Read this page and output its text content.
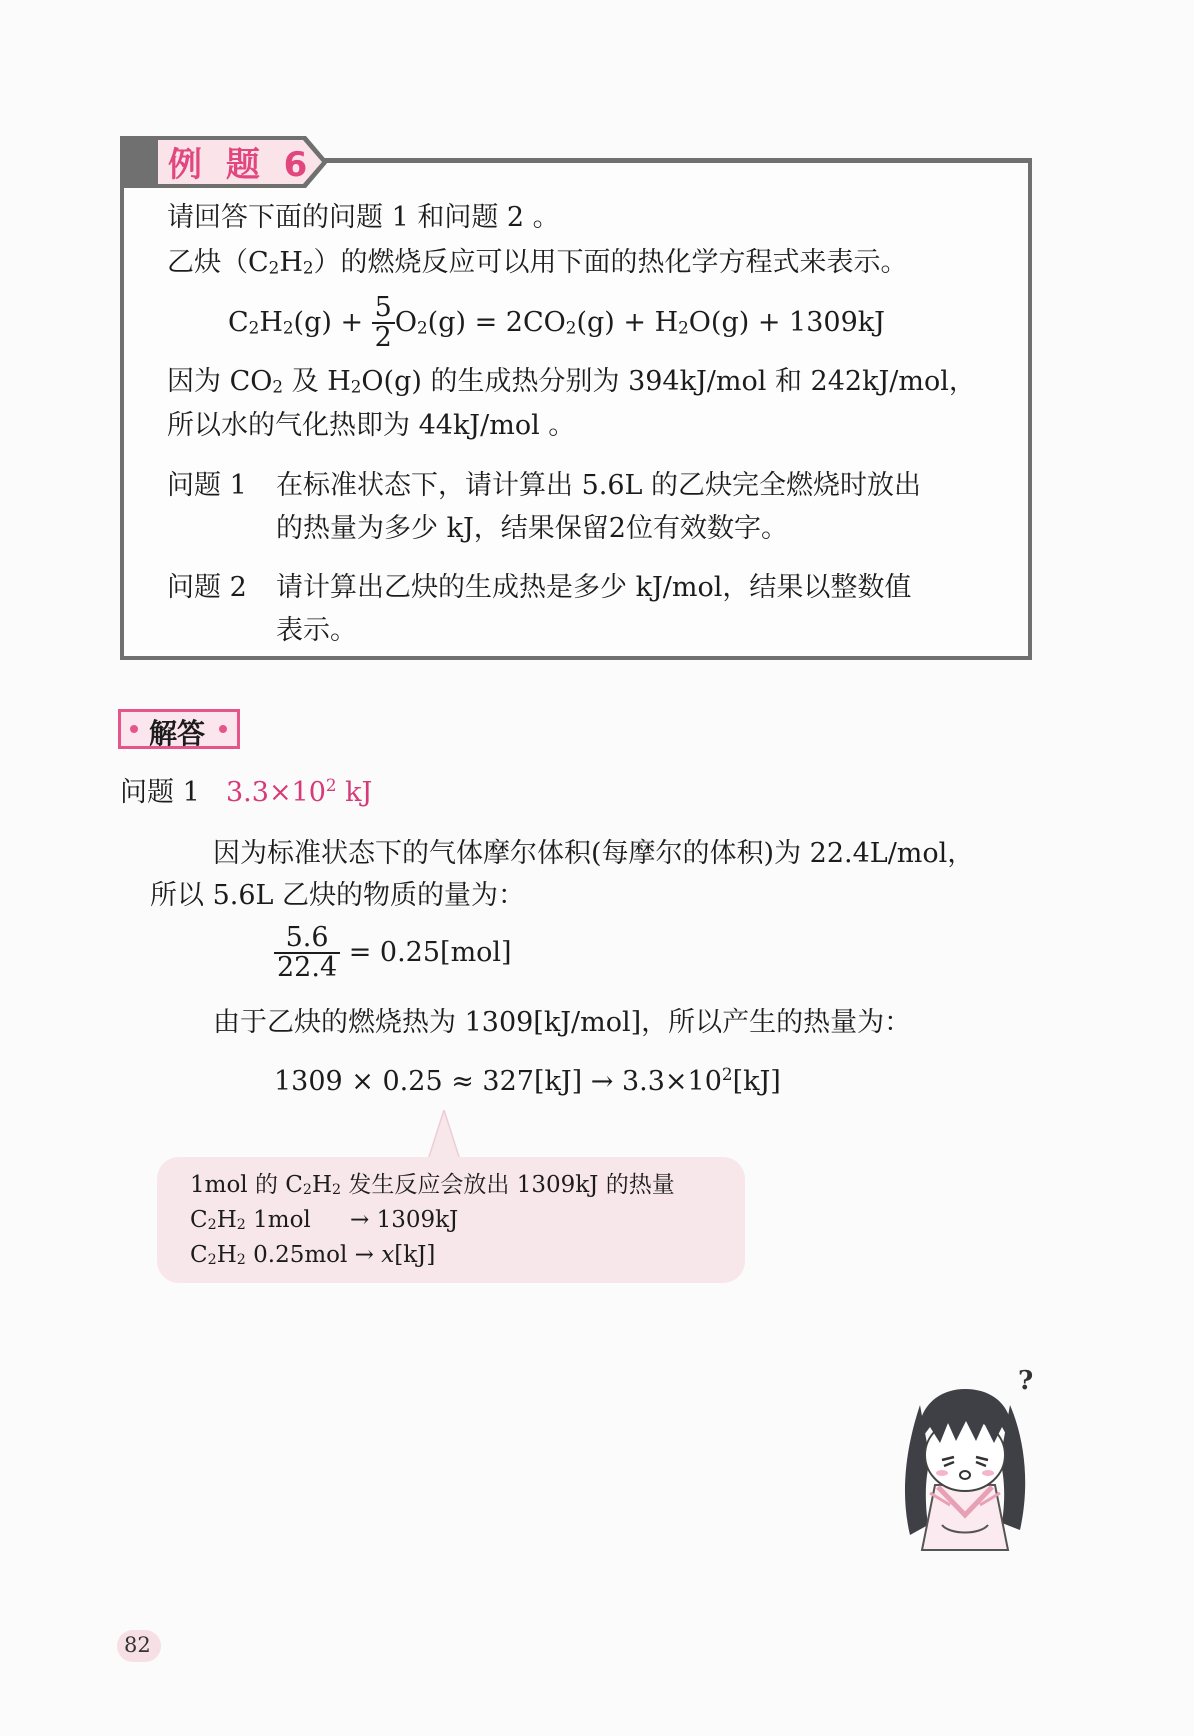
例 题 6
请回答下面的问题 1 和问题 2 。
乙炔$(C_2H_2)$的燃烧反应可以用下面的热化学方程式来表示。
$C_2H_2(g) + \frac{5}{2} O_2(g) = 2CO_2(g) + H_2O(g) + 1309kJ$
因为 $CO_2$ 及 $H_2O(g)$ 的生成热分别为 394kJ/mol 和 242kJ/mol，
所以水的气化热即为 44kJ/mol 。
问题 1 在标准状态下，请计算出 5.6L 的乙炔完全燃烧时放出
的热量为多少 kJ，结果保留2位有效数字。
问题 2 请计算出乙炔的生成热是多少 kJ/mol，结果以整数值
表示。
解答
问题 1 $3.3\times 10^2$ kJ
因为标准状态下的气体摩尔体积(每摩尔的体积)为 22.4L/mol，
所以 5.6L 乙炔的物质的量为：
$\frac{5.6}{22.4} = 0.25[mol]$
由于乙炔的燃烧热为 1309[kJ/mol]，所以产生的热量为：
$1309 \times 0.25 \approx 327[kJ] \to 3.3\times 10^2[kJ]$
1mol 的 $C_2H_2$ 发生反应会放出 1309kJ 的热量
$C_2H_2$ 1mol → 1309kJ
$C_2H_2$ 0.25mol → x[kJ]
?
82
